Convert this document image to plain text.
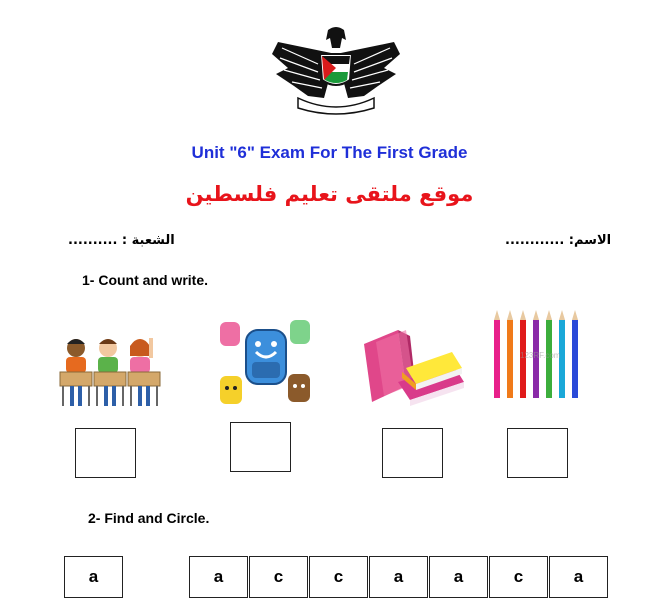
Unit "6" Exam For The First Grade
موقع ملتقى تعليم فلسطين
الاسم: ............
الشعبة : ..........
1- Count and write.
123RF.com
2- Find and Circle.
a	a	c	c	a	a	c	a
